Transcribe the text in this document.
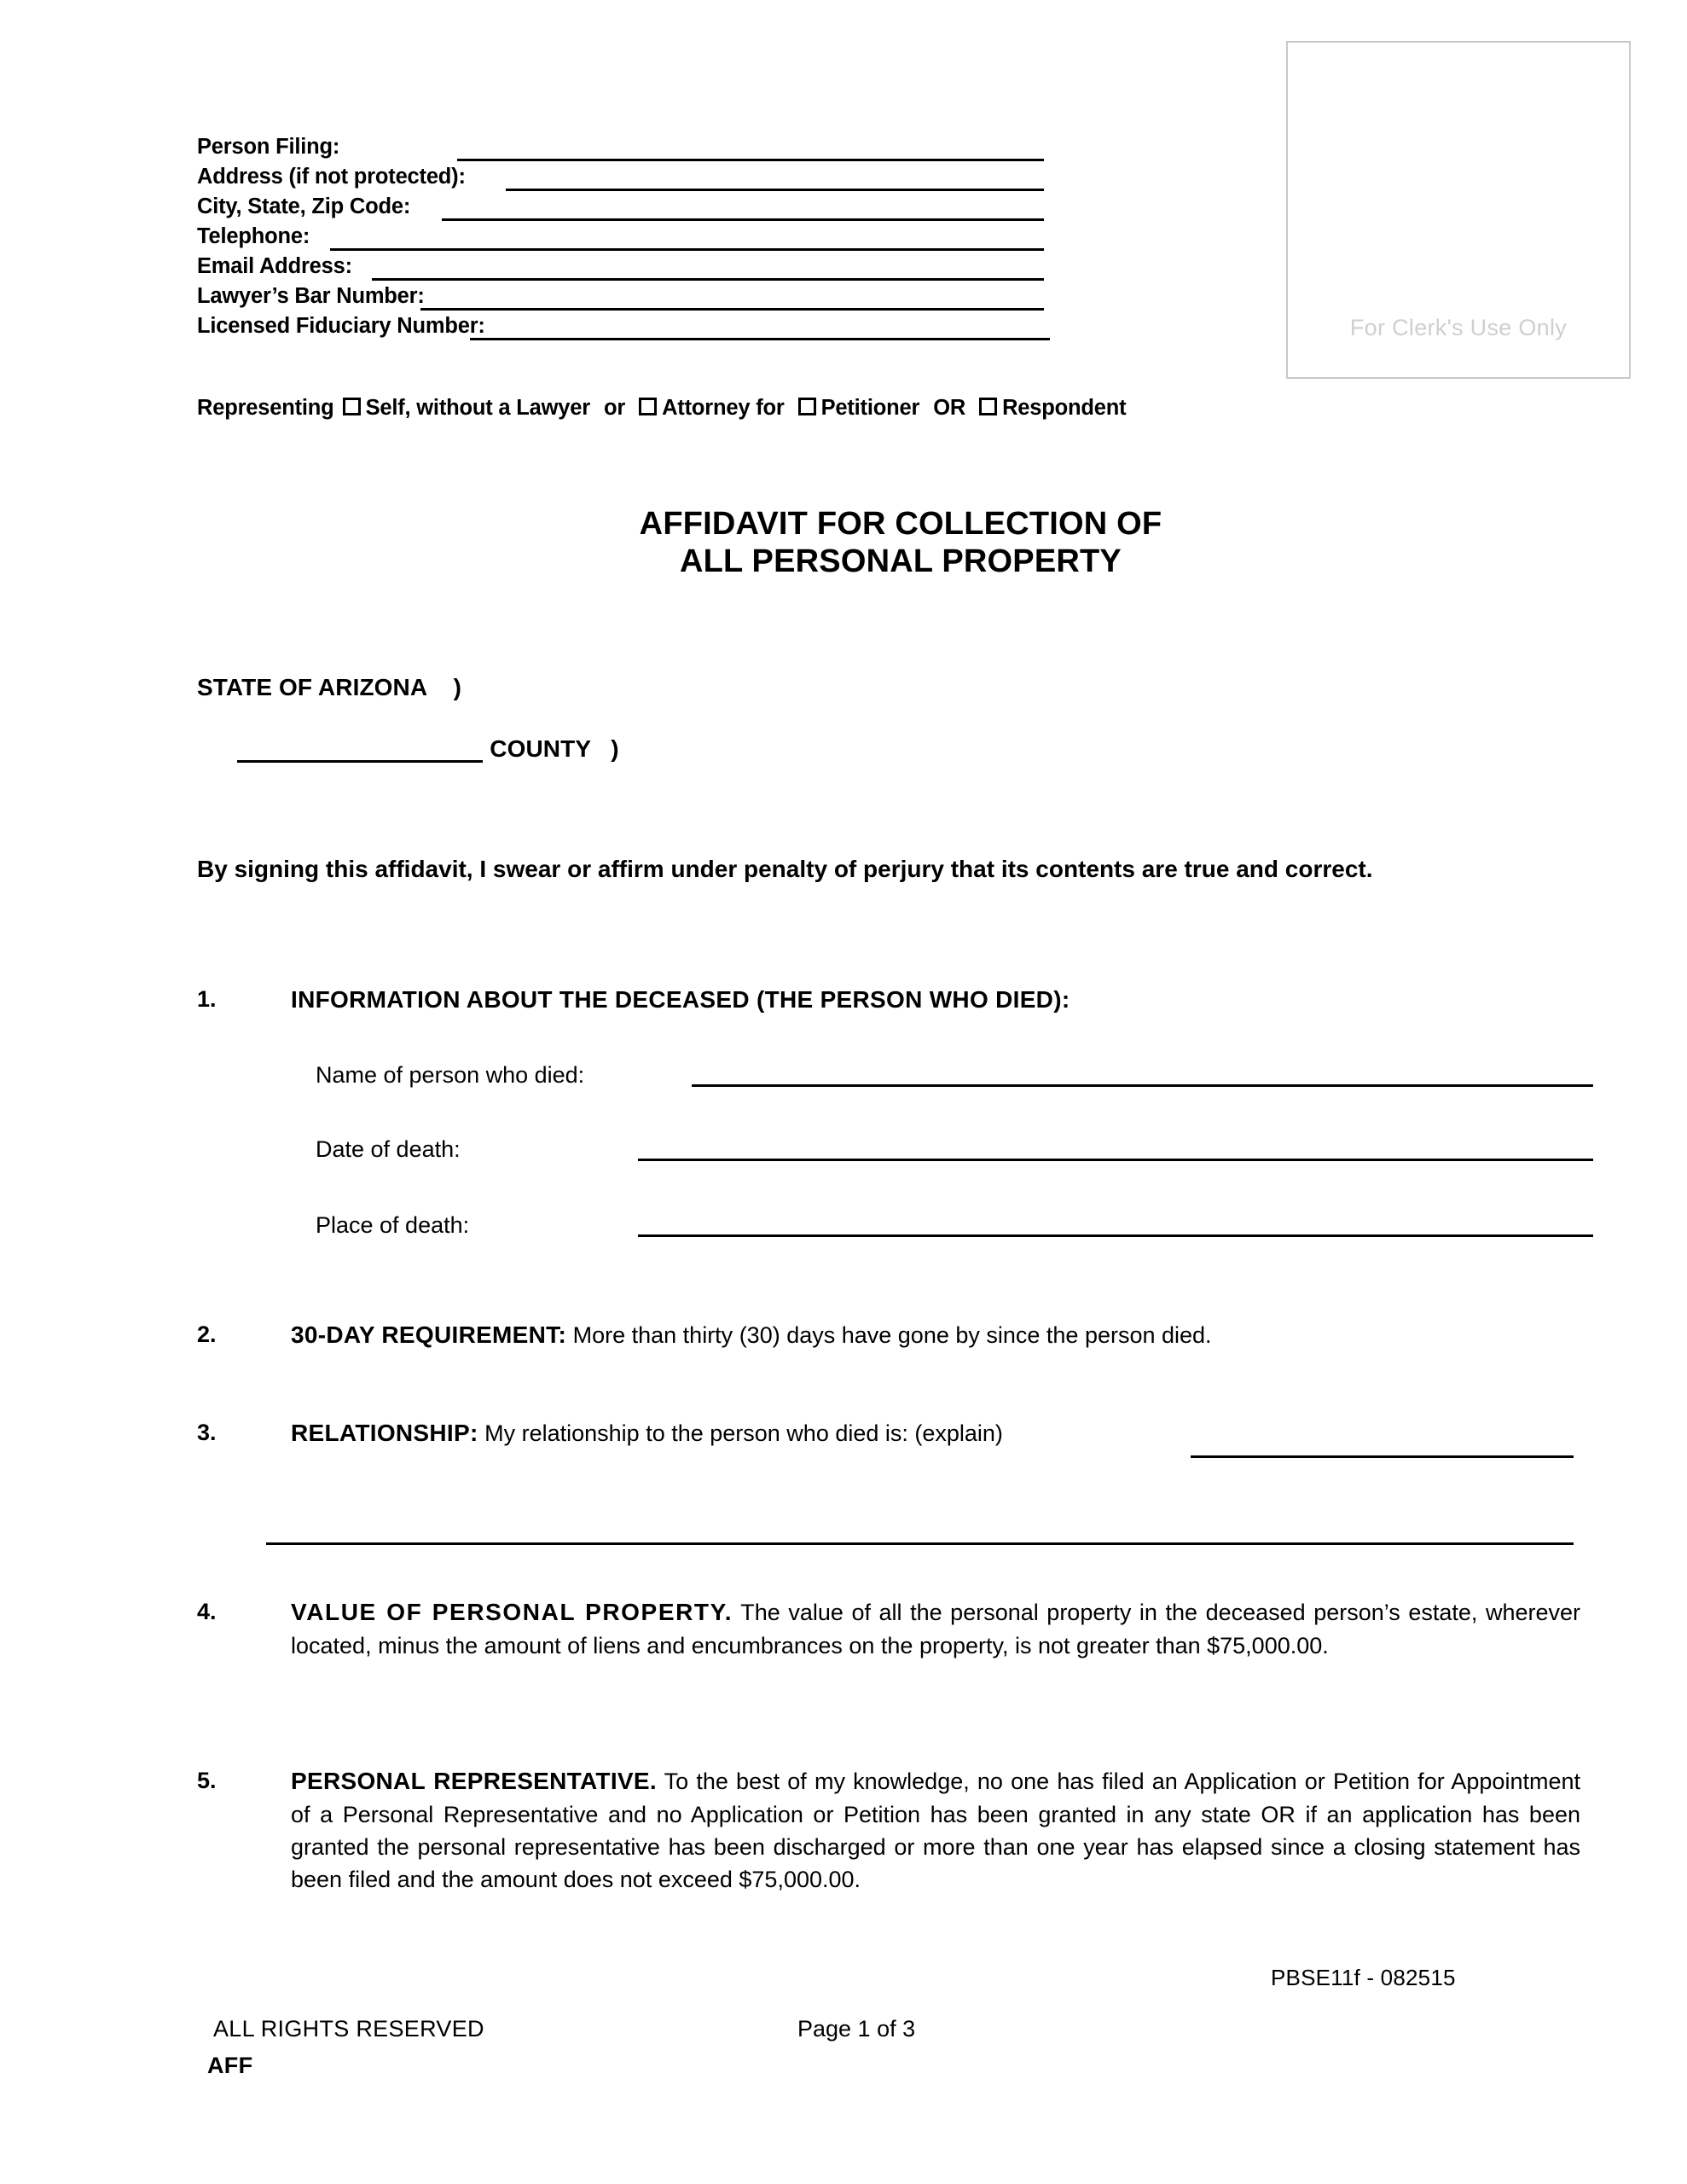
For Clerk's Use Only
Person Filing:
Address (if not protected):
City, State, Zip Code:
Telephone:
Email Address:
Lawyer’s Bar Number:
Licensed Fiduciary Number:
Representing Self, without a Lawyer or Attorney for Petitioner OR Respondent
AFFIDAVIT FOR COLLECTION OF
ALL PERSONAL PROPERTY
STATE OF ARIZONA    )

COUNTY   )

By signing this affidavit, I swear or affirm under penalty of perjury that its contents are true and correct.
1.	INFORMATION ABOUT THE DECEASED (THE PERSON WHO DIED):
Name of person who died:
Date of death:
Place of death:
2.	30-DAY REQUIREMENT: More than thirty (30) days have gone by since the person died.
3.	RELATIONSHIP: My relationship to the person who died is: (explain)
4.	VALUE OF PERSONAL PROPERTY. The value of all the personal property in the deceased person’s estate, wherever located, minus the amount of liens and encumbrances on the property, is not greater than $75,000.00.
5.	PERSONAL REPRESENTATIVE. To the best of my knowledge, no one has filed an Application or Petition for Appointment of a Personal Representative and no Application or Petition has been granted in any state OR if an application has been granted the personal representative has been discharged or more than one year has elapsed since a closing statement has been filed and the amount does not exceed $75,000.00.
PBSE11f - 082515
ALL RIGHTS RESERVED	Page 1 of 3
AFF
